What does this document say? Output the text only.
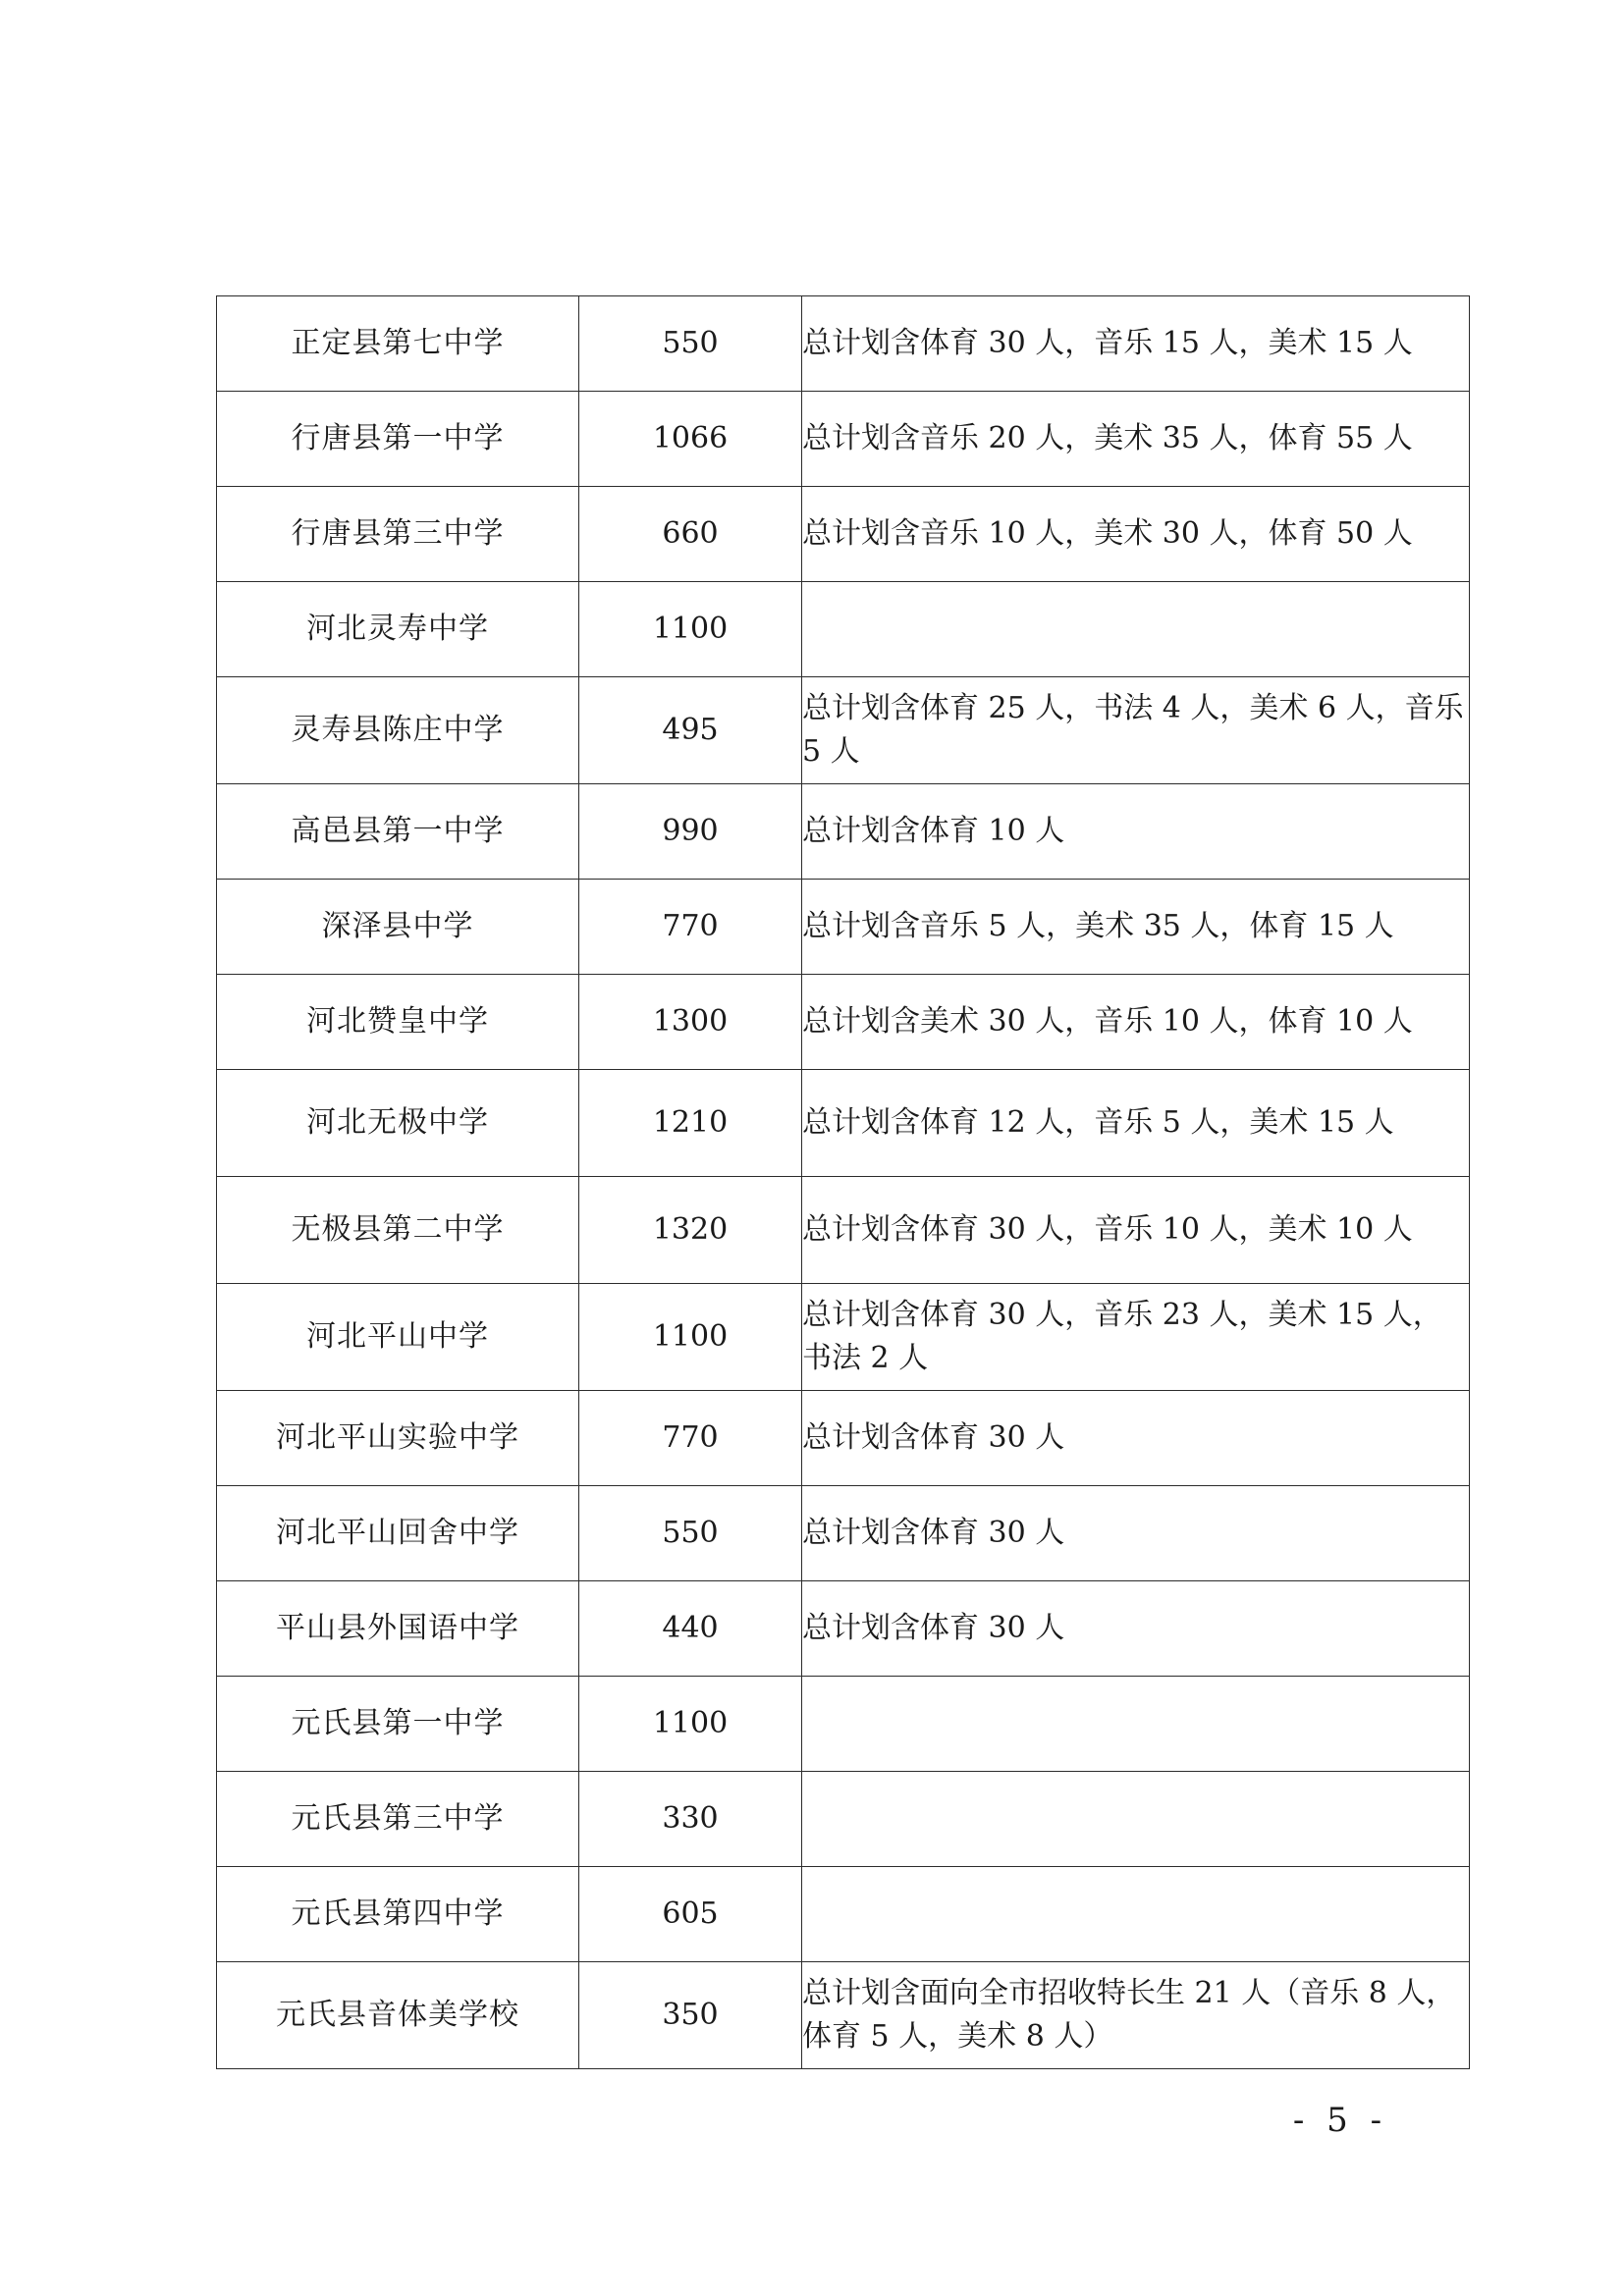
正定县第七中学	550	总计划含体育 30 人，音乐 15 人，美术 15 人
行唐县第一中学	1066	总计划含音乐 20 人，美术 35 人，体育 55 人
行唐县第三中学	660	总计划含音乐 10 人，美术 30 人，体育 50 人
河北灵寿中学	1100	
灵寿县陈庄中学	495	总计划含体育 25 人，书法 4 人，美术 6 人，音乐 5 人
高邑县第一中学	990	总计划含体育 10 人
深泽县中学	770	总计划含音乐 5 人，美术 35 人，体育 15 人
河北赞皇中学	1300	总计划含美术 30 人，音乐 10 人，体育 10 人
河北无极中学	1210	总计划含体育 12 人，音乐 5 人，美术 15 人
无极县第二中学	1320	总计划含体育 30 人，音乐 10 人，美术 10 人
河北平山中学	1100	总计划含体育 30 人，音乐 23 人，美术 15 人，书法 2 人
河北平山实验中学	770	总计划含体育 30 人
河北平山回舍中学	550	总计划含体育 30 人
平山县外国语中学	440	总计划含体育 30 人
元氏县第一中学	1100	
元氏县第三中学	330	
元氏县第四中学	605	
元氏县音体美学校	350	总计划含面向全市招收特长生 21 人（音乐 8 人，体育 5 人，美术 8 人）
- 5 -
